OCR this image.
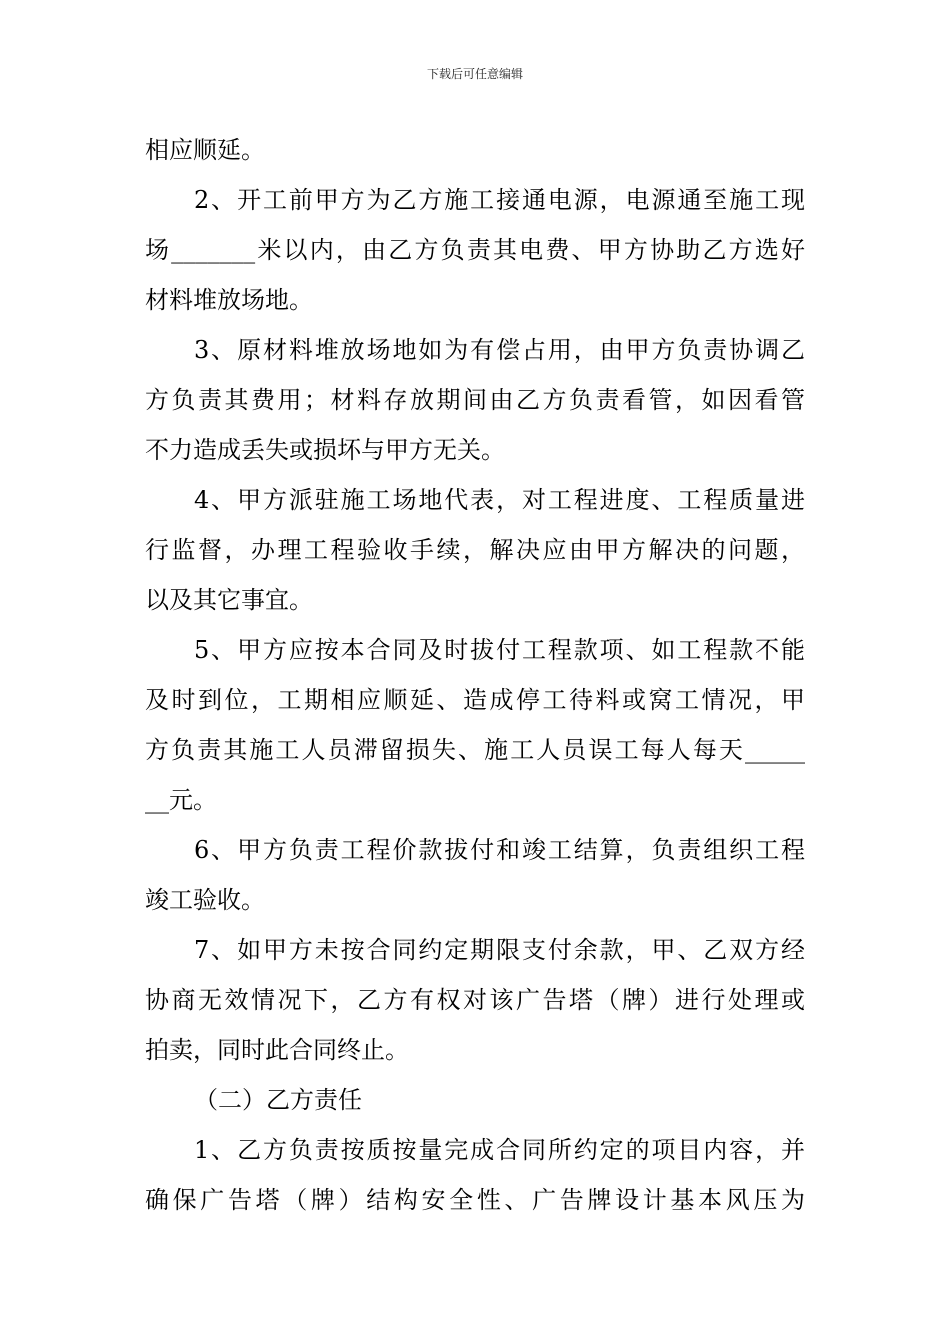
下载后可任意编辑
相应顺延。
2、开工前甲方为乙方施工接通电源，电源通至施工现
场_______米以内，由乙方负责其电费、甲方协助乙方选好
材料堆放场地。
3、原材料堆放场地如为有偿占用，由甲方负责协调乙
方负责其费用；材料存放期间由乙方负责看管，如因看管
不力造成丢失或损坏与甲方无关。
4、甲方派驻施工场地代表，对工程进度、工程质量进
行监督，办理工程验收手续，解决应由甲方解决的问题，
以及其它事宜。
5、甲方应按本合同及时拔付工程款项、如工程款不能
及时到位，工期相应顺延、造成停工待料或窝工情况，甲
方负责其施工人员滞留损失、施工人员误工每人每天_____
__元。
6、甲方负责工程价款拔付和竣工结算，负责组织工程
竣工验收。
7、如甲方未按合同约定期限支付余款，甲、乙双方经
协商无效情况下，乙方有权对该广告塔（牌）进行处理或
拍卖，同时此合同终止。
（二）乙方责任
1、乙方负责按质按量完成合同所约定的项目内容，并
确保广告塔（牌）结构安全性、广告牌设计基本风压为
